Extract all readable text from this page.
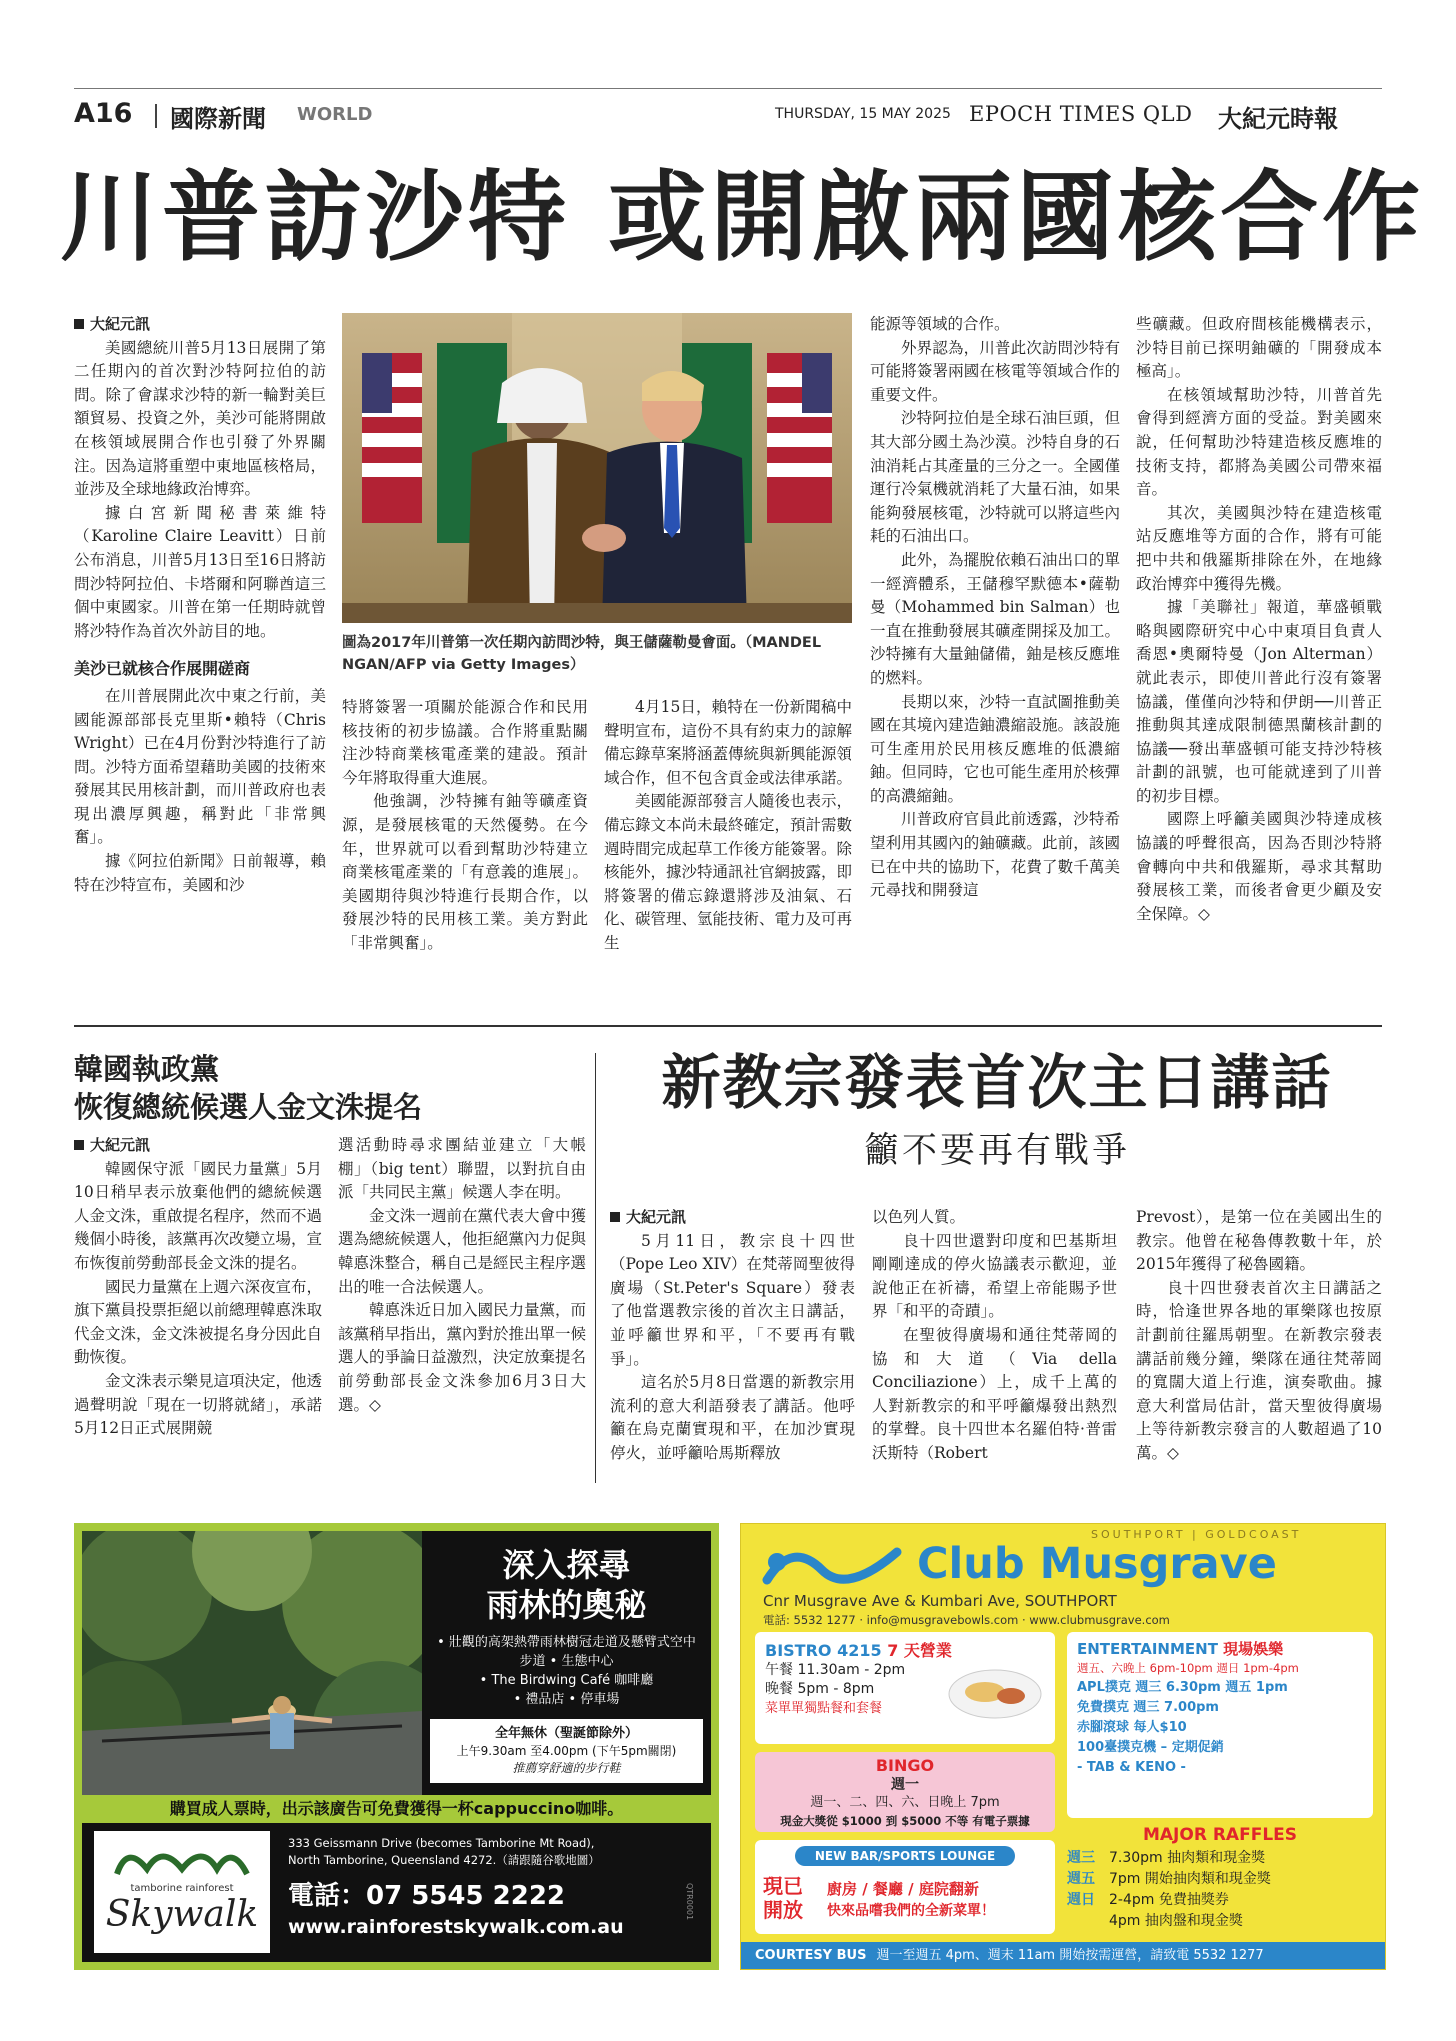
A16 國際新聞 WORLD	THURSDAY, 15 MAY 2025 EPOCH TIMES QLD 大紀元時報
川普訪沙特 或開啟兩國核合作

大紀元訊

美國總統川普5月13日展開了第二任期內的首次對沙特阿拉伯的訪問。除了會謀求沙特的新一輪對美巨額貿易、投資之外，美沙可能將開啟在核領域展開合作也引發了外界關注。因為這將重塑中東地區核格局，並涉及全球地緣政治博弈。

據白宮新聞秘書萊維特（Karoline Claire Leavitt）日前公布消息，川普5月13日至16日將訪問沙特阿拉伯、卡塔爾和阿聯酋這三個中東國家。川普在第一任期時就曾將沙特作為首次外訪目的地。

美沙已就核合作展開磋商

在川普展開此次中東之行前，美國能源部部長克里斯•賴特（Chris Wright）已在4月份對沙特進行了訪問。沙特方面希望藉助美國的技術來發展其民用核計劃，而川普政府也表現出濃厚興趣，稱對此「非常興奮」。

據《阿拉伯新聞》日前報導，賴特在沙特宣布，美國和沙

圖為2017年川普第一次任期內訪問沙特，與王儲薩勒曼會面。（MANDEL NGAN/AFP via Getty Images）

特將簽署一項關於能源合作和民用核技術的初步協議。合作將重點關注沙特商業核電產業的建設。預計今年將取得重大進展。

他強調，沙特擁有鈾等礦產資源，是發展核電的天然優勢。在今年，世界就可以看到幫助沙特建立商業核電產業的「有意義的進展」。美國期待與沙特進行長期合作，以發展沙特的民用核工業。美方對此「非常興奮」。

4月15日，賴特在一份新聞稿中聲明宣布，這份不具有約束力的諒解備忘錄草案將涵蓋傳統與新興能源領域合作，但不包含貢金或法律承諾。

美國能源部發言人隨後也表示，備忘錄文本尚未最終確定，預計需數週時間完成起草工作後方能簽署。除核能外，據沙特通訊社官網披露，即將簽署的備忘錄還將涉及油氣、石化、碳管理、氫能技術、電力及可再生

能源等領域的合作。

外界認為，川普此次訪問沙特有可能將簽署兩國在核電等領域合作的重要文件。

沙特阿拉伯是全球石油巨頭，但其大部分國土為沙漠。沙特自身的石油消耗占其產量的三分之一。全國僅運行冷氣機就消耗了大量石油，如果能夠發展核電，沙特就可以將這些內耗的石油出口。

此外，為擺脫依賴石油出口的單一經濟體系，王儲穆罕默德本•薩勒曼（Mohammed bin Salman）也一直在推動發展其礦產開採及加工。沙特擁有大量鈾儲備，鈾是核反應堆的燃料。

長期以來，沙特一直試圖推動美國在其境內建造鈾濃縮設施。該設施可生產用於民用核反應堆的低濃縮鈾。但同時，它也可能生產用於核彈的高濃縮鈾。

川普政府官員此前透露，沙特希望利用其國內的鈾礦藏。此前，該國已在中共的協助下，花費了數千萬美元尋找和開發這

些礦藏。但政府間核能機構表示，沙特目前已探明鈾礦的「開發成本極高」。

在核領域幫助沙特，川普首先會得到經濟方面的受益。對美國來說，任何幫助沙特建造核反應堆的技術支持，都將為美國公司帶來福音。

其次，美國與沙特在建造核電站反應堆等方面的合作，將有可能把中共和俄羅斯排除在外，在地緣政治博弈中獲得先機。

據「美聯社」報道，華盛頓戰略與國際研究中心中東項目負責人喬恩•奧爾特曼（Jon Alterman）就此表示，即使川普此行沒有簽署協議，僅僅向沙特和伊朗──川普正推動與其達成限制德黑蘭核計劃的協議──發出華盛頓可能支持沙特核計劃的訊號，也可能就達到了川普的初步目標。

國際上呼籲美國與沙特達成核協議的呼聲很高，因為否則沙特將會轉向中共和俄羅斯，尋求其幫助發展核工業，而後者會更少顧及安全保障。◇

韓國執政黨
恢復總統候選人金文洙提名

大紀元訊

韓國保守派「國民力量黨」5月10日稍早表示放棄他們的總統候選人金文洙，重啟提名程序，然而不過幾個小時後，該黨再次改變立場，宣布恢復前勞動部長金文洙的提名。

國民力量黨在上週六深夜宣布，旗下黨員投票拒絕以前總理韓悳洙取代金文洙，金文洙被提名身分因此自動恢復。

金文洙表示樂見這項決定，他透過聲明說「現在一切將就緒」，承諾5月12日正式展開競

選活動時尋求團結並建立「大帳棚」（big tent）聯盟，以對抗自由派「共同民主黨」候選人李在明。

金文洙一週前在黨代表大會中獲選為總統候選人，他拒絕黨內力促與韓悳洙整合，稱自己是經民主程序選出的唯一合法候選人。

韓悳洙近日加入國民力量黨，而該黨稍早指出，黨內對於推出單一候選人的爭論日益激烈，決定放棄提名前勞動部長金文洙參加6月3日大選。◇

新教宗發表首次主日講話
籲不要再有戰爭

大紀元訊

5月11日，教宗良十四世（Pope Leo XIV）在梵蒂岡聖彼得廣場（St.Peter's Square）發表了他當選教宗後的首次主日講話，並呼籲世界和平，「不要再有戰爭」。

這名於5月8日當選的新教宗用流利的意大利語發表了講話。他呼籲在烏克蘭實現和平，在加沙實現停火，並呼籲哈馬斯釋放

以色列人質。

良十四世還對印度和巴基斯坦剛剛達成的停火協議表示歡迎，並說他正在祈禱，希望上帝能賜予世界「和平的奇蹟」。

在聖彼得廣場和通往梵蒂岡的協和大道（Via della Conciliazione）上，成千上萬的人對新教宗的和平呼籲爆發出熱烈的掌聲。良十四世本名羅伯特·普雷沃斯特（Robert

Prevost），是第一位在美國出生的教宗。他曾在秘魯傳教數十年，於2015年獲得了秘魯國籍。

良十四世發表首次主日講話之時，恰逢世界各地的軍樂隊也按原計劃前往羅馬朝聖。在新教宗發表講話前幾分鐘，樂隊在通往梵蒂岡的寬闊大道上行進，演奏歌曲。據意大利當局估計，當天聖彼得廣場上等待新教宗發言的人數超過了10萬。◇

深入探尋
雨林的奧秘
• 壯觀的高架熱帶雨林樹冠走道及懸臂式空中步道 • 生態中心
• The Birdwing Café 咖啡廳
• 禮品店 • 停車場
全年無休（聖誕節除外）
上午9.30am 至4.00pm (下午5pm關閉)
推薦穿舒適的步行鞋
購買成人票時，出示該廣告可免費獲得一杯cappuccino咖啡。
tamborine rainforest
Skywalk
333 Geissmann Drive (becomes Tamborine Mt Road),
North Tamborine, Queensland 4272.（請跟隨谷歌地圖）
電話：07 5545 2222
www.rainforestskywalk.com.au
QTR0001
SOUTHPORT | GOLDCOAST
Club Musgrave
Cnr Musgrave Ave & Kumbari Ave, SOUTHPORT
電話: 5532 1277 · info@musgravebowls.com · www.clubmusgrave.com
BISTRO 4215 7 天營業
午餐 11.30am - 2pm
晚餐 5pm - 8pm
菜單單獨點餐和套餐
ENTERTAINMENT 現場娛樂
週五、六晚上 6pm-10pm 週日 1pm-4pm
APL撲克 週三 6.30pm 週五 1pm
免費撲克 週三 7.00pm
赤腳滾球 每人$10
100臺撲克機 – 定期促銷
- TAB & KENO -
BINGO
週一
週一、二、四、六、日晚上 7pm
現金大獎從 $1000 到 $5000 不等 有電子票據
MAJOR RAFFLES
週三 7.30pm 抽肉類和現金獎
週五 7pm 開始抽肉類和現金獎
週日 2-4pm 免費抽獎券
4pm 抽肉盤和現金獎
NEW BAR/SPORTS LOUNGE
現已開放
廚房 / 餐廳 / 庭院翻新
快來品嚐我們的全新菜單！
COURTESY BUS 週一至週五 4pm、週末 11am 開始按需運營，請致電 5532 1277
